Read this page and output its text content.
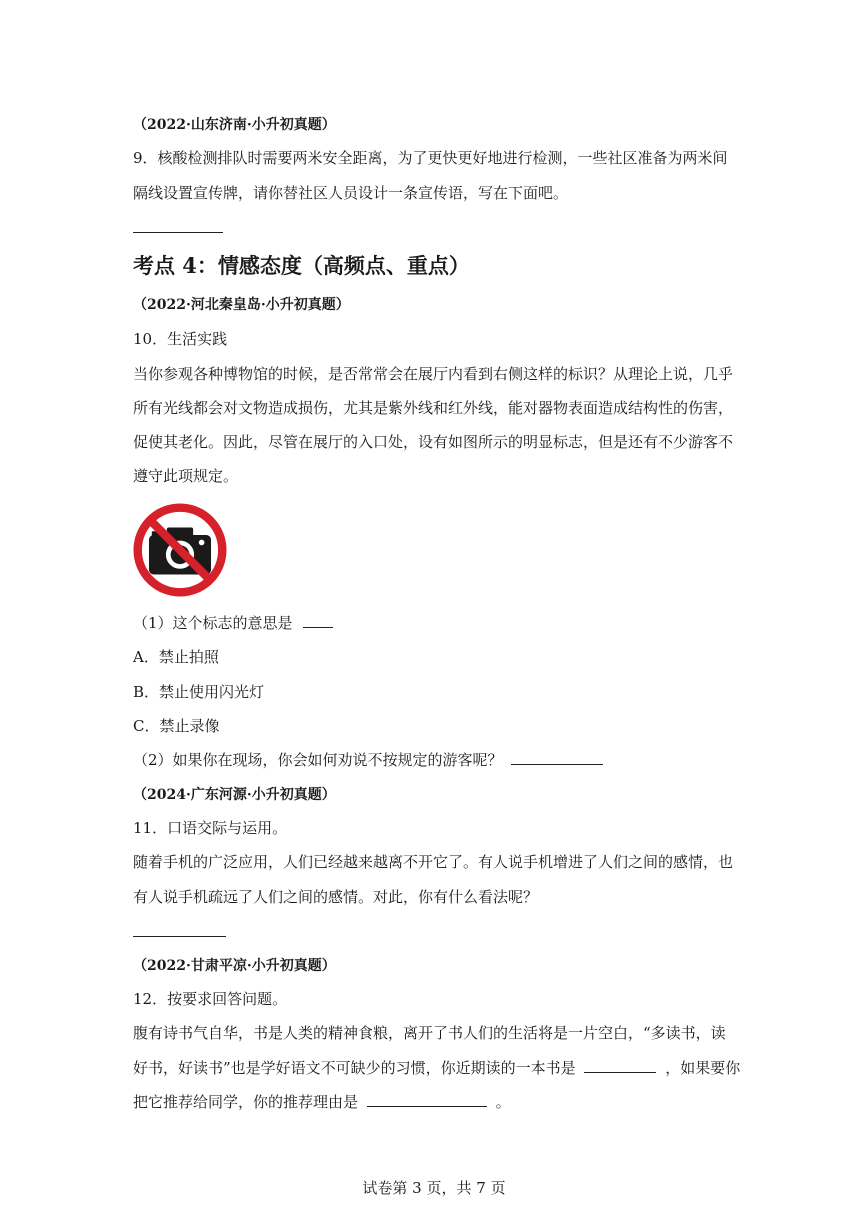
（2022·山东济南·小升初真题）
9．核酸检测排队时需要两米安全距离，为了更快更好地进行检测，一些社区准备为两米间
隔线设置宣传牌，请你替社区人员设计一条宣传语，写在下面吧。
考点 4：情感态度（高频点、重点）
（2022·河北秦皇岛·小升初真题）
10．生活实践
当你参观各种博物馆的时候，是否常常会在展厅内看到右侧这样的标识？从理论上说，几乎
所有光线都会对文物造成损伤，尤其是紫外线和红外线，能对器物表面造成结构性的伤害，
促使其老化。因此，尽管在展厅的入口处，设有如图所示的明显标志，但是还有不少游客不
遵守此项规定。
（1）这个标志的意思是
A．禁止拍照
B．禁止使用闪光灯
C．禁止录像
（2）如果你在现场，你会如何劝说不按规定的游客呢？
（2024·广东河源·小升初真题）
11．口语交际与运用。
随着手机的广泛应用，人们已经越来越离不开它了。有人说手机增进了人们之间的感情，也
有人说手机疏远了人们之间的感情。对此，你有什么看法呢？
（2022·甘肃平凉·小升初真题）
12．按要求回答问题。
腹有诗书气自华，书是人类的精神食粮，离开了书人们的生活将是一片空白，“多读书，读
好书，好读书”也是学好语文不可缺少的习惯，你近期读的一本书是	，如果要你
把它推荐给同学，你的推荐理由是	。
试卷第 3 页，共 7 页
